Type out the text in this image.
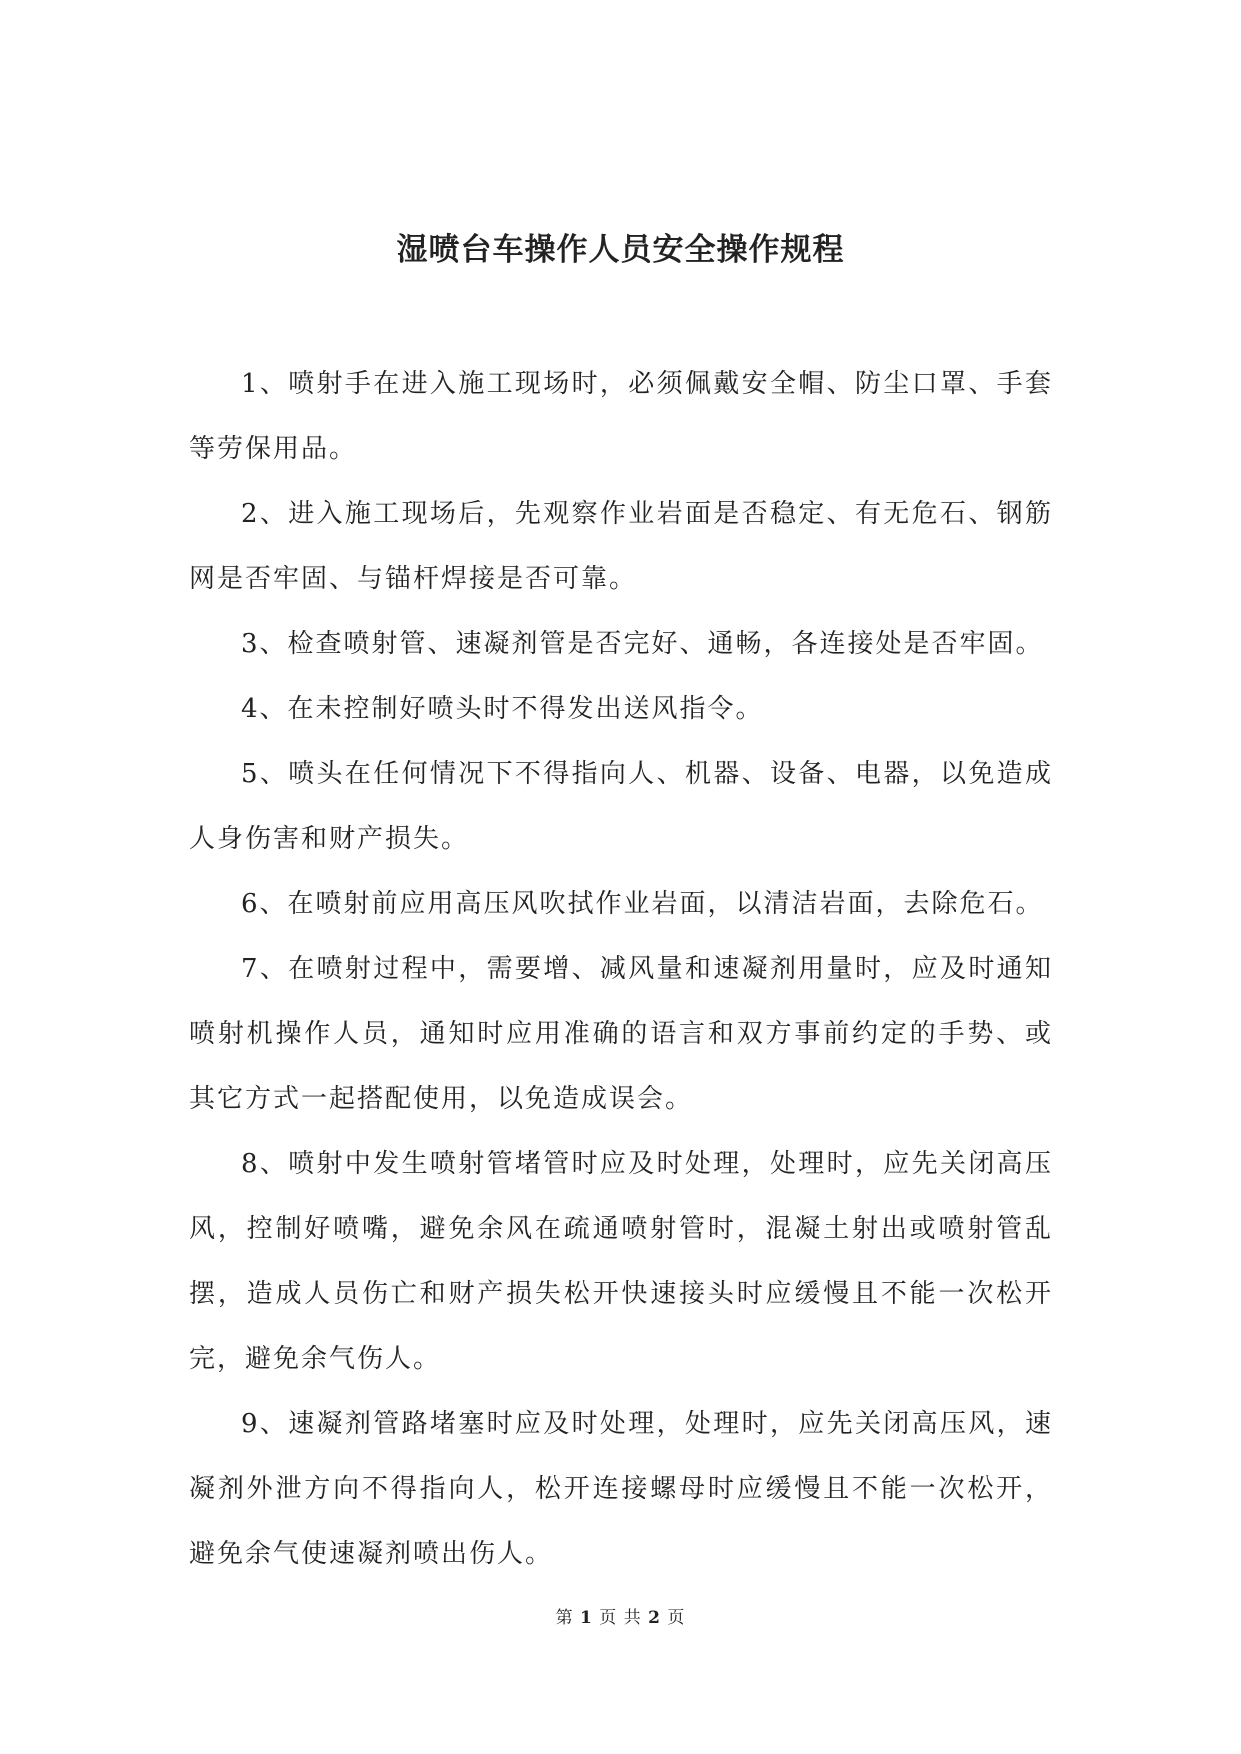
湿喷台车操作人员安全操作规程

1、喷射手在进入施工现场时，必须佩戴安全帽、防尘口罩、手套等劳保用品。

2、进入施工现场后，先观察作业岩面是否稳定、有无危石、钢筋网是否牢固、与锚杆焊接是否可靠。

3、检查喷射管、速凝剂管是否完好、通畅，各连接处是否牢固。

4、在未控制好喷头时不得发出送风指令。

5、喷头在任何情况下不得指向人、机器、设备、电器，以免造成人身伤害和财产损失。

6、在喷射前应用高压风吹拭作业岩面，以清洁岩面，去除危石。

7、在喷射过程中，需要增、减风量和速凝剂用量时，应及时通知喷射机操作人员，通知时应用准确的语言和双方事前约定的手势、或其它方式一起搭配使用，以免造成误会。

8、喷射中发生喷射管堵管时应及时处理，处理时，应先关闭高压风，控制好喷嘴，避免余风在疏通喷射管时，混凝土射出或喷射管乱摆，造成人员伤亡和财产损失松开快速接头时应缓慢且不能一次松开完，避免余气伤人。

9、速凝剂管路堵塞时应及时处理，处理时，应先关闭高压风，速凝剂外泄方向不得指向人，松开连接螺母时应缓慢且不能一次松开，避免余气使速凝剂喷出伤人。

第 1 页 共 2 页
